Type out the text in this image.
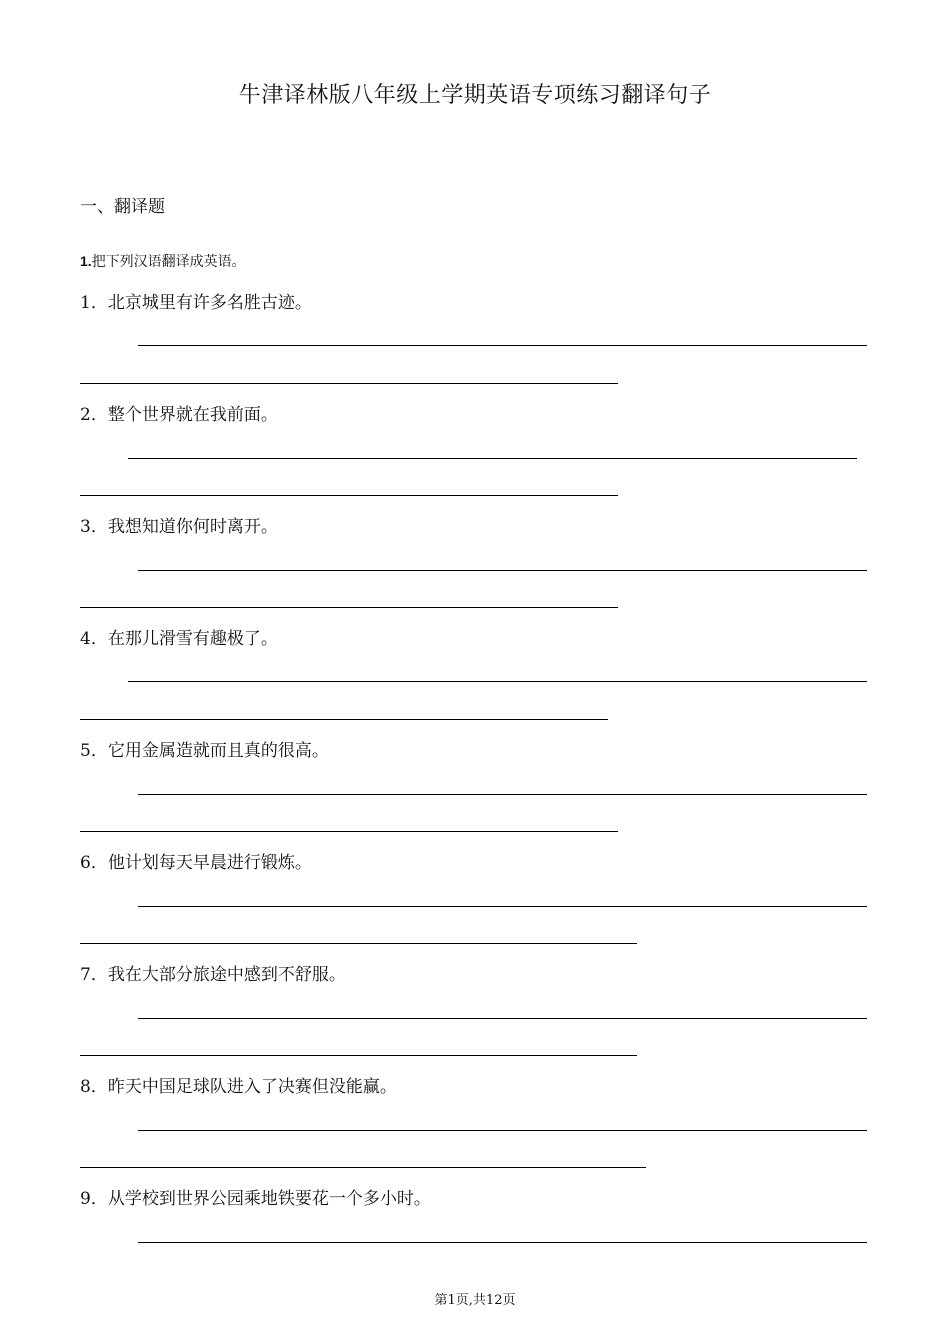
牛津译林版八年级上学期英语专项练习翻译句子
一、翻译题
1.把下列汉语翻译成英语。
1．北京城里有许多名胜古迹。
2．整个世界就在我前面。
3．我想知道你何时离开。
4．在那儿滑雪有趣极了。
5．它用金属造就而且真的很高。
6．他计划每天早晨进行锻炼。
7．我在大部分旅途中感到不舒服。
8．昨天中国足球队进入了决赛但没能赢。
9．从学校到世界公园乘地铁要花一个多小时。
第1页,共12页
